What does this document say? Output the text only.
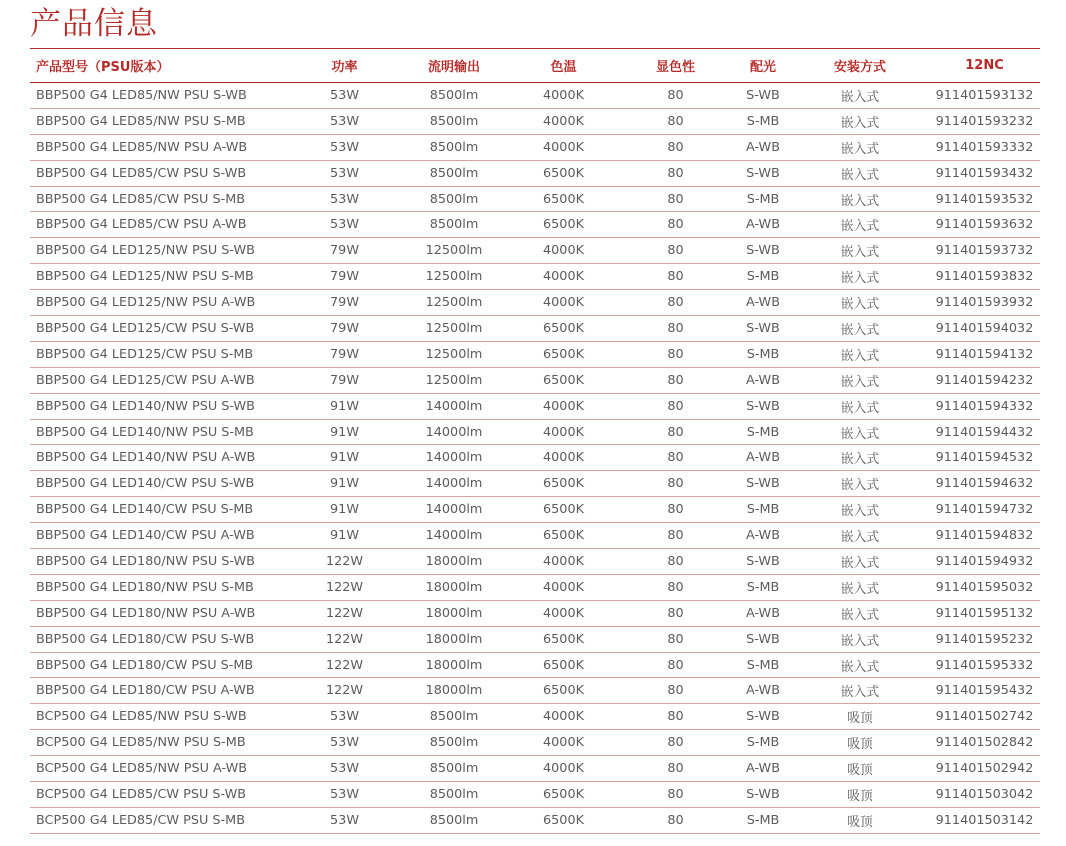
产品信息
产品型号（PSU版本）	功率	流明输出	色温	显色性	配光	安装方式	12NC
BBP500 G4 LED85/NW PSU S-WB	53W	8500lm	4000K	80	S-WB	嵌入式	911401593132
BBP500 G4 LED85/NW PSU S-MB	53W	8500lm	4000K	80	S-MB	嵌入式	911401593232
BBP500 G4 LED85/NW PSU A-WB	53W	8500lm	4000K	80	A-WB	嵌入式	911401593332
BBP500 G4 LED85/CW PSU S-WB	53W	8500lm	6500K	80	S-WB	嵌入式	911401593432
BBP500 G4 LED85/CW PSU S-MB	53W	8500lm	6500K	80	S-MB	嵌入式	911401593532
BBP500 G4 LED85/CW PSU A-WB	53W	8500lm	6500K	80	A-WB	嵌入式	911401593632
BBP500 G4 LED125/NW PSU S-WB	79W	12500lm	4000K	80	S-WB	嵌入式	911401593732
BBP500 G4 LED125/NW PSU S-MB	79W	12500lm	4000K	80	S-MB	嵌入式	911401593832
BBP500 G4 LED125/NW PSU A-WB	79W	12500lm	4000K	80	A-WB	嵌入式	911401593932
BBP500 G4 LED125/CW PSU S-WB	79W	12500lm	6500K	80	S-WB	嵌入式	911401594032
BBP500 G4 LED125/CW PSU S-MB	79W	12500lm	6500K	80	S-MB	嵌入式	911401594132
BBP500 G4 LED125/CW PSU A-WB	79W	12500lm	6500K	80	A-WB	嵌入式	911401594232
BBP500 G4 LED140/NW PSU S-WB	91W	14000lm	4000K	80	S-WB	嵌入式	911401594332
BBP500 G4 LED140/NW PSU S-MB	91W	14000lm	4000K	80	S-MB	嵌入式	911401594432
BBP500 G4 LED140/NW PSU A-WB	91W	14000lm	4000K	80	A-WB	嵌入式	911401594532
BBP500 G4 LED140/CW PSU S-WB	91W	14000lm	6500K	80	S-WB	嵌入式	911401594632
BBP500 G4 LED140/CW PSU S-MB	91W	14000lm	6500K	80	S-MB	嵌入式	911401594732
BBP500 G4 LED140/CW PSU A-WB	91W	14000lm	6500K	80	A-WB	嵌入式	911401594832
BBP500 G4 LED180/NW PSU S-WB	122W	18000lm	4000K	80	S-WB	嵌入式	911401594932
BBP500 G4 LED180/NW PSU S-MB	122W	18000lm	4000K	80	S-MB	嵌入式	911401595032
BBP500 G4 LED180/NW PSU A-WB	122W	18000lm	4000K	80	A-WB	嵌入式	911401595132
BBP500 G4 LED180/CW PSU S-WB	122W	18000lm	6500K	80	S-WB	嵌入式	911401595232
BBP500 G4 LED180/CW PSU S-MB	122W	18000lm	6500K	80	S-MB	嵌入式	911401595332
BBP500 G4 LED180/CW PSU A-WB	122W	18000lm	6500K	80	A-WB	嵌入式	911401595432
BCP500 G4 LED85/NW PSU S-WB	53W	8500lm	4000K	80	S-WB	吸顶	911401502742
BCP500 G4 LED85/NW PSU S-MB	53W	8500lm	4000K	80	S-MB	吸顶	911401502842
BCP500 G4 LED85/NW PSU A-WB	53W	8500lm	4000K	80	A-WB	吸顶	911401502942
BCP500 G4 LED85/CW PSU S-WB	53W	8500lm	6500K	80	S-WB	吸顶	911401503042
BCP500 G4 LED85/CW PSU S-MB	53W	8500lm	6500K	80	S-MB	吸顶	911401503142
